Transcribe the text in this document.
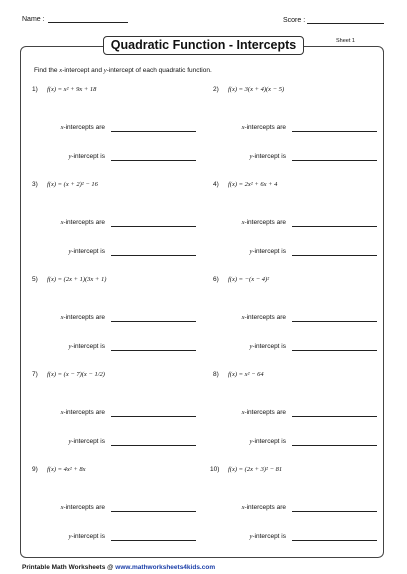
Name :	Score :
Quadratic Function - Intercepts	Sheet 1
Find the x-intercept and y-intercept of each quadratic function.
1) f(x) = x² + 9x + 18
x-intercepts are
y-intercept is
2) f(x) = 3(x + 4)(x − 5)
x-intercepts are
y-intercept is
3) f(x) = (x + 2)² − 16
x-intercepts are
y-intercept is
4) f(x) = 2x² + 6x + 4
x-intercepts are
y-intercept is
5) f(x) = (2x + 1)(3x + 1)
x-intercepts are
y-intercept is
6) f(x) = −(x − 4)²
x-intercepts are
y-intercept is
7) f(x) = (x − 7)(x − 1/2)
x-intercepts are
y-intercept is
8) f(x) = x² − 64
x-intercepts are
y-intercept is
9) f(x) = 4x² + 8x
x-intercepts are
y-intercept is
10) f(x) = (2x + 3)² − 81
x-intercepts are
y-intercept is
Printable Math Worksheets @ www.mathworksheets4kids.com
